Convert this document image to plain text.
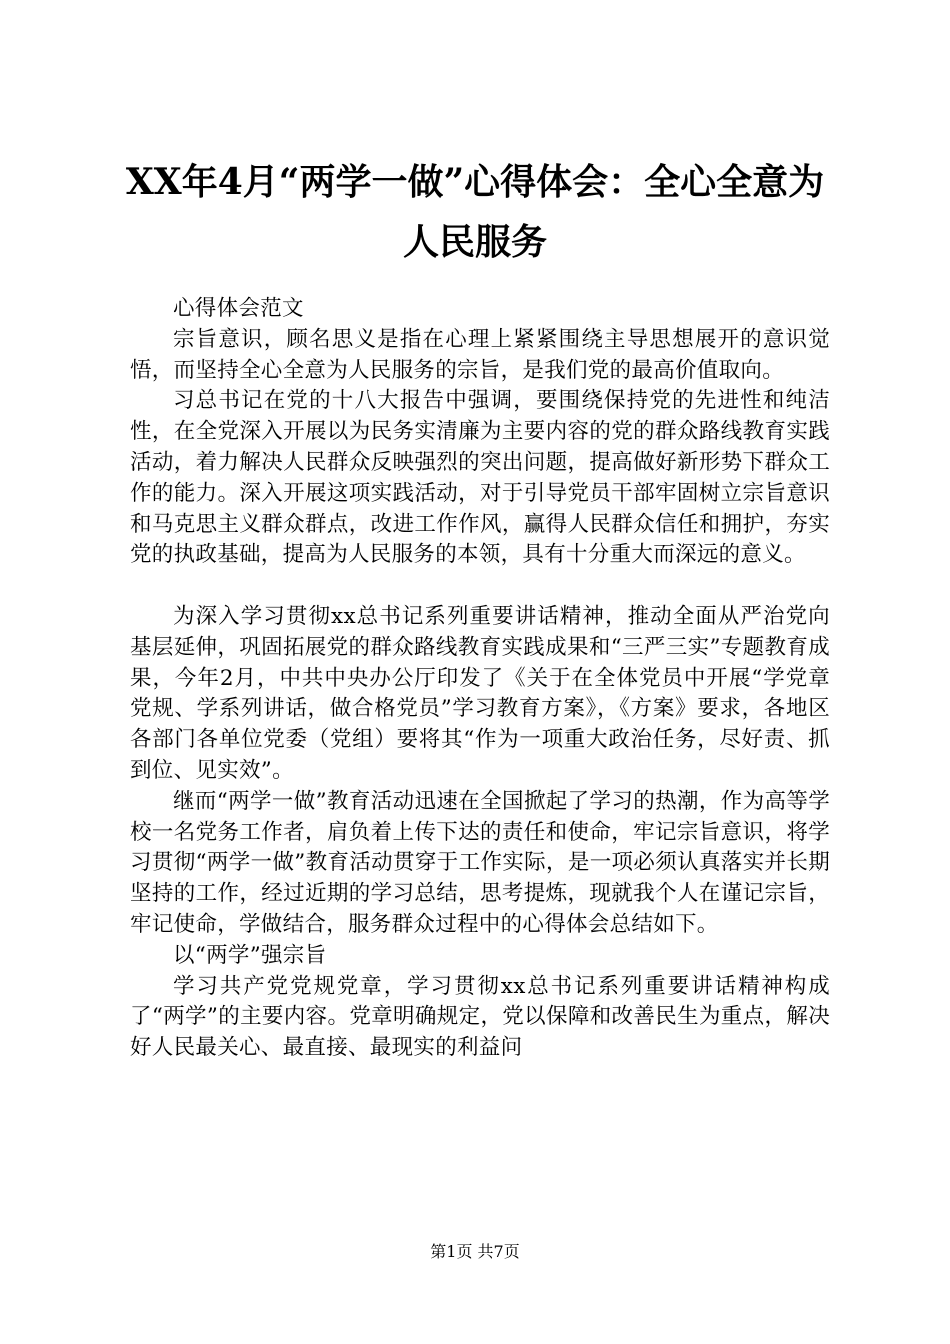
XX年4月“两学一做”心得体会：全心全意为人民服务

心得体会范文

宗旨意识，顾名思义是指在心理上紧紧围绕主导思想展开的意识觉悟，而坚持全心全意为人民服务的宗旨，是我们党的最高价值取向。

习总书记在党的十八大报告中强调，要围绕保持党的先进性和纯洁性，在全党深入开展以为民务实清廉为主要内容的党的群众路线教育实践活动，着力解决人民群众反映强烈的突出问题，提高做好新形势下群众工作的能力。深入开展这项实践活动，对于引导党员干部牢固树立宗旨意识和马克思主义群众群点，改进工作作风，赢得人民群众信任和拥护，夯实党的执政基础，提高为人民服务的本领，具有十分重大而深远的意义。

为深入学习贯彻xx总书记系列重要讲话精神，推动全面从严治党向基层延伸，巩固拓展党的群众路线教育实践成果和“三严三实”专题教育成果，今年2月，中共中央办公厅印发了《关于在全体党员中开展“学党章党规、学系列讲话，做合格党员”学习教育方案》，《方案》要求，各地区各部门各单位党委（党组）要将其“作为一项重大政治任务，尽好责、抓到位、见实效”。

继而“两学一做”教育活动迅速在全国掀起了学习的热潮，作为高等学校一名党务工作者，肩负着上传下达的责任和使命，牢记宗旨意识，将学习贯彻“两学一做”教育活动贯穿于工作实际，是一项必须认真落实并长期坚持的工作，经过近期的学习总结，思考提炼，现就我个人在谨记宗旨，牢记使命，学做结合，服务群众过程中的心得体会总结如下。

以“两学”强宗旨

学习共产党党规党章，学习贯彻xx总书记系列重要讲话精神构成了“两学”的主要内容。党章明确规定，党以保障和改善民生为重点，解决好人民最关心、最直接、最现实的利益问

第1页 共7页
